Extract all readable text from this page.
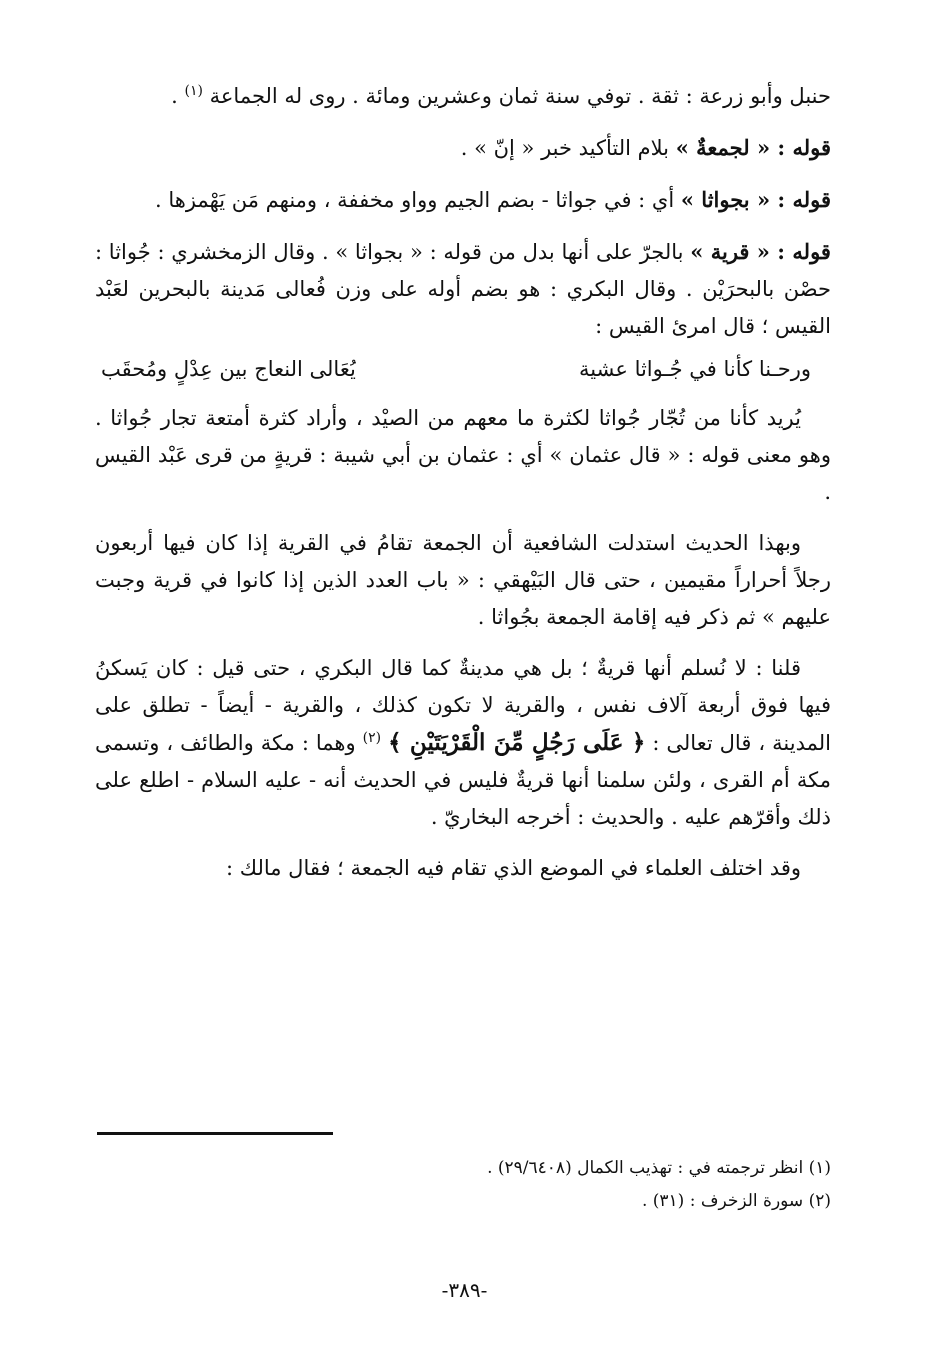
حنبل وأبو زرعة : ثقة . توفي سنة ثمان وعشرين ومائة . روى له الجماعة $^{(١)}$ .

قوله : « لجمعةٌ » بلام التأكيد خبر « إنّ » .

قوله : « بجواثا » أي : في جواثا - بضم الجيم وواو مخففة ، ومنهم مَن يَهْمزها .

قوله : « قرية » بالجرّ على أنها بدل من قوله : « بجواثا » . وقال الزمخشري : جُواثا : حصْن بالبحرَيْن . وقال البكري : هو بضم أوله على وزن فُعالى مَدينة بالبحرين لعَبْد القيس ؛ قال امرئ القيس :

ورحـنا كأنا في جُـواثا عشية
يُعَالى النعاج بين عِدْلٍ ومُحقَب

يُريد كأنا من تُجّار جُواثا لكثرة ما معهم من الصيْد ، وأراد كثرة أمتعة تجار جُواثا . وهو معنى قوله : « قال عثمان » أي : عثمان بن أبي شيبة : قريةٍ من قرى عَبْد القيس .

وبهذا الحديث استدلت الشافعية أن الجمعة تقامُ في القرية إذا كان فيها أربعون رجلاً أحراراً مقيمين ، حتى قال البَيْهقي : « باب العدد الذين إذا كانوا في قرية وجبت عليهم » ثم ذكر فيه إقامة الجمعة بجُواثا .

قلنا : لا نُسلم أنها قريةٌ ؛ بل هي مدينةٌ كما قال البكري ، حتى قيل : كان يَسكنُ فيها فوق أربعة آلاف نفس ، والقرية لا تكون كذلك ، والقرية - أيضاً - تطلق على المدينة ، قال تعالى : ﴿ عَلَى رَجُلٍ مِّنَ الْقَرْيَتَيْنِ ﴾ $^{(٢)}$ وهما : مكة والطائف ، وتسمى مكة أم القرى ، ولئن سلمنا أنها قريةٌ فليس في الحديث أنه - عليه السلام - اطلع على ذلك وأقرّهم عليه . والحديث : أخرجه البخاريّ .

وقد اختلف العلماء في الموضع الذي تقام فيه الجمعة ؛ فقال مالك :

(١) انظر ترجمته في : تهذيب الكمال (٢٩/٦٤٠٨) .

(٢) سورة الزخرف : (٣١) .

-٣٨٩-
